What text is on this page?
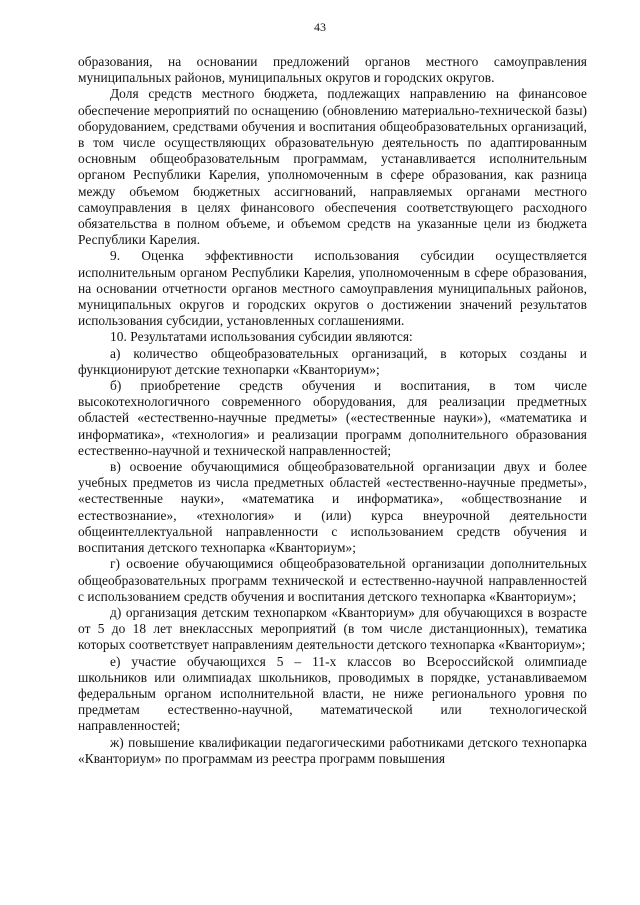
43

образования, на основании предложений органов местного самоуправления муниципальных районов, муниципальных округов и городских округов.

Доля средств местного бюджета, подлежащих направлению на финансовое обеспечение мероприятий по оснащению (обновлению материально-технической базы) оборудованием, средствами обучения и воспитания общеобразовательных организаций, в том числе осуществляющих образовательную деятельность по адаптированным основным общеобразовательным программам, устанавливается исполнительным органом Республики Карелия, уполномоченным в сфере образования, как разница между объемом бюджетных ассигнований, направляемых органами местного самоуправления в целях финансового обеспечения соответствующего расходного обязательства в полном объеме, и объемом средств на указанные цели из бюджета Республики Карелия.

9. Оценка эффективности использования субсидии осуществляется исполнительным органом Республики Карелия, уполномоченным в сфере образования, на основании отчетности органов местного самоуправления муниципальных районов, муниципальных округов и городских округов о достижении значений результатов использования субсидии, установленных соглашениями.

10. Результатами использования субсидии являются:

а) количество общеобразовательных организаций, в которых созданы и функционируют детские технопарки «Кванториум»;

б) приобретение средств обучения и воспитания, в том числе высокотехнологичного современного оборудования, для реализации предметных областей «естественно-научные предметы» («естественные науки»), «математика и информатика», «технология» и реализации программ дополнительного образования естественно-научной и технической направленностей;

в) освоение обучающимися общеобразовательной организации двух и более учебных предметов из числа предметных областей «естественно-научные предметы», «естественные науки», «математика и информатика», «обществознание и естествознание», «технология» и (или) курса внеурочной деятельности общеинтеллектуальной направленности с использованием средств обучения и воспитания детского технопарка «Кванториум»;

г) освоение обучающимися общеобразовательной организации дополнительных общеобразовательных программ технической и естественно-научной направленностей с использованием средств обучения и воспитания детского технопарка «Кванториум»;

д) организация детским технопарком «Кванториум» для обучающихся в возрасте от 5 до 18 лет внеклассных мероприятий (в том числе дистанционных), тематика которых соответствует направлениям деятельности детского технопарка «Кванториум»;

е) участие обучающихся 5 – 11-х классов во Всероссийской олимпиаде школьников или олимпиадах школьников, проводимых в порядке, устанавливаемом федеральным органом исполнительной власти, не ниже регионального уровня по предметам естественно-научной, математической или технологической направленностей;

ж) повышение квалификации педагогическими работниками детского технопарка «Кванториум» по программам из реестра программ повышения
